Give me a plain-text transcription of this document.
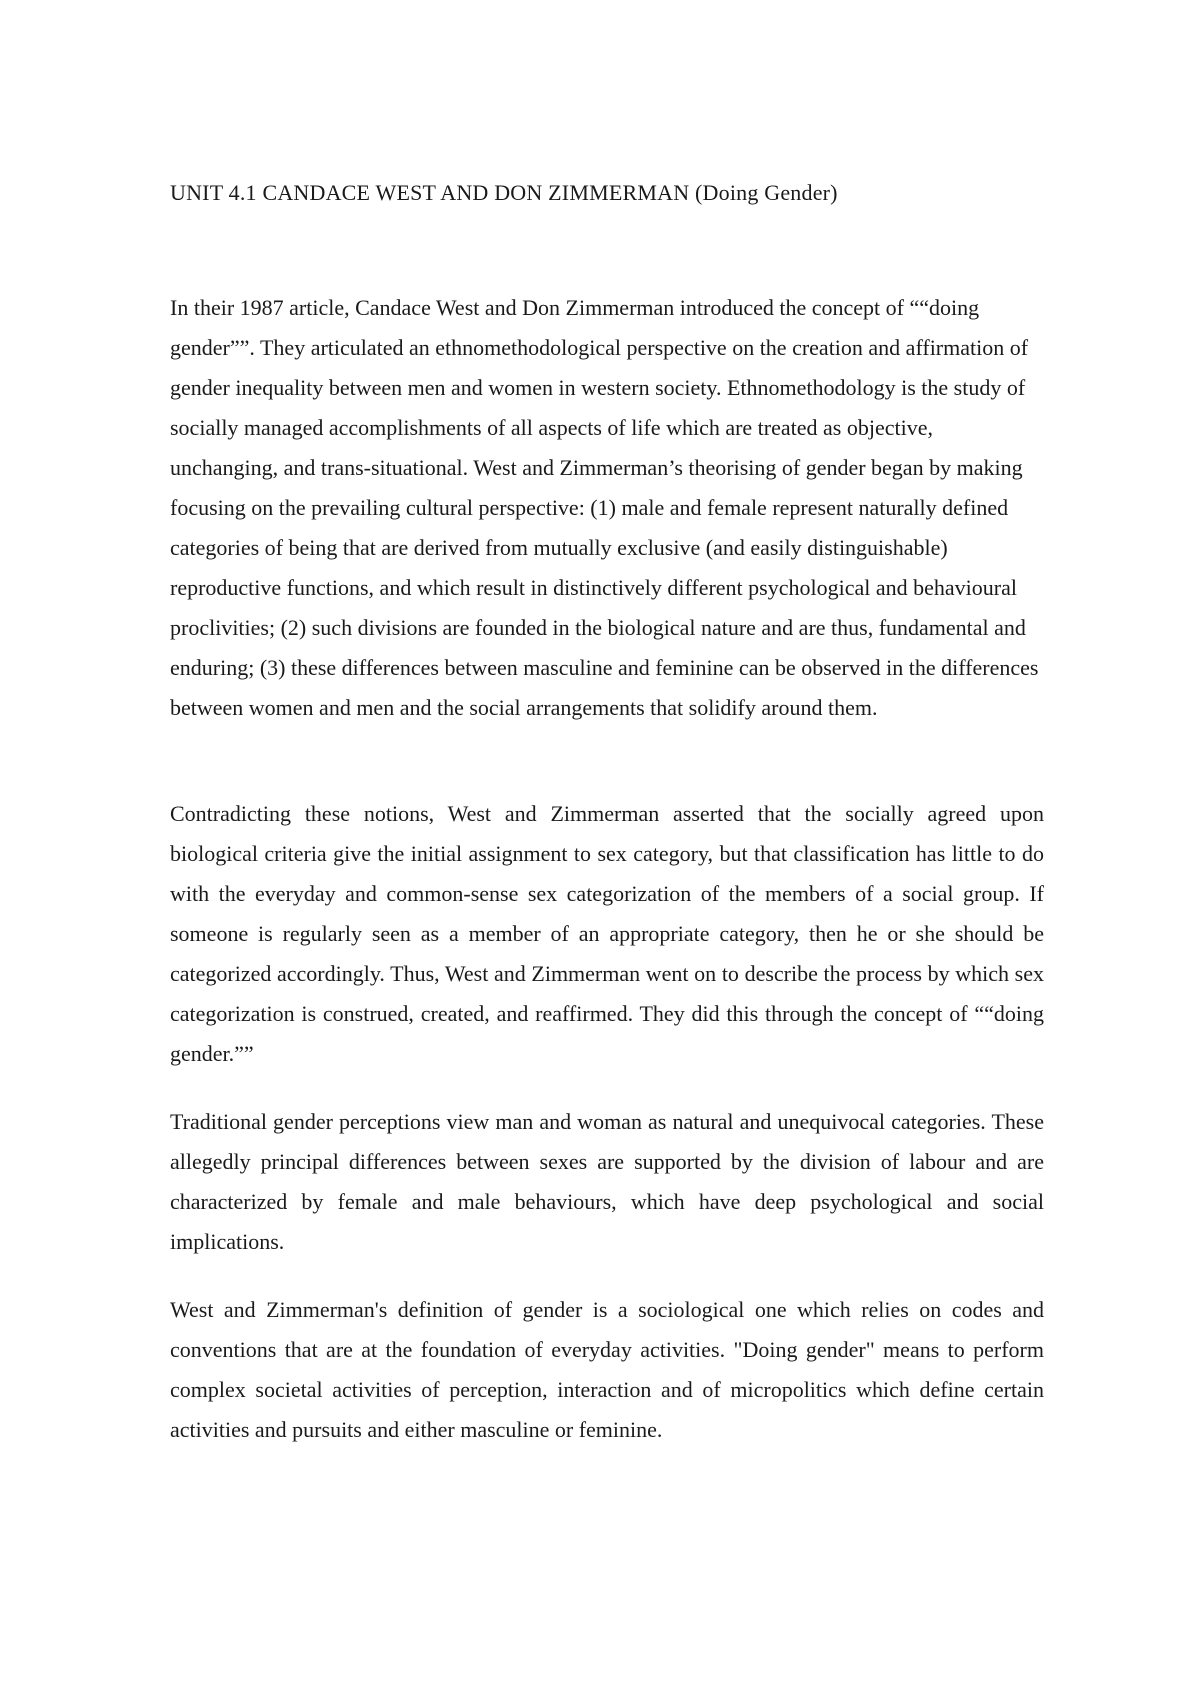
UNIT 4.1 CANDACE WEST AND DON ZIMMERMAN (Doing Gender)

In their 1987 article, Candace West and Don Zimmerman introduced the concept of ““doing gender””. They articulated an ethnomethodological perspective on the creation and affirmation of gender inequality between men and women in western society. Ethnomethodology is the study of socially managed accomplishments of all aspects of life which are treated as objective, unchanging, and trans-situational. West and Zimmerman’s theorising of gender began by making focusing on the prevailing cultural perspective: (1) male and female represent naturally defined categories of being that are derived from mutually exclusive (and easily distinguishable) reproductive functions, and which result in distinctively different psychological and behavioural proclivities; (2) such divisions are founded in the biological nature and are thus, fundamental and enduring; (3) these differences between masculine and feminine can be observed in the differences between women and men and the social arrangements that solidify around them.

Contradicting these notions, West and Zimmerman asserted that the socially agreed upon biological criteria give the initial assignment to sex category, but that classification has little to do with the everyday and common-sense sex categorization of the members of a social group. If someone is regularly seen as a member of an appropriate category, then he or she should be categorized accordingly. Thus, West and Zimmerman went on to describe the process by which sex categorization is construed, created, and reaffirmed. They did this through the concept of ““doing gender.””

Traditional gender perceptions view man and woman as natural and unequivocal categories. These allegedly principal differences between sexes are supported by the division of labour and are characterized by female and male behaviours, which have deep psychological and social implications.

West and Zimmerman's definition of gender is a sociological one which relies on codes and conventions that are at the foundation of everyday activities. "Doing gender" means to perform complex societal activities of perception, interaction and of micropolitics which define certain activities and pursuits and either masculine or feminine.
